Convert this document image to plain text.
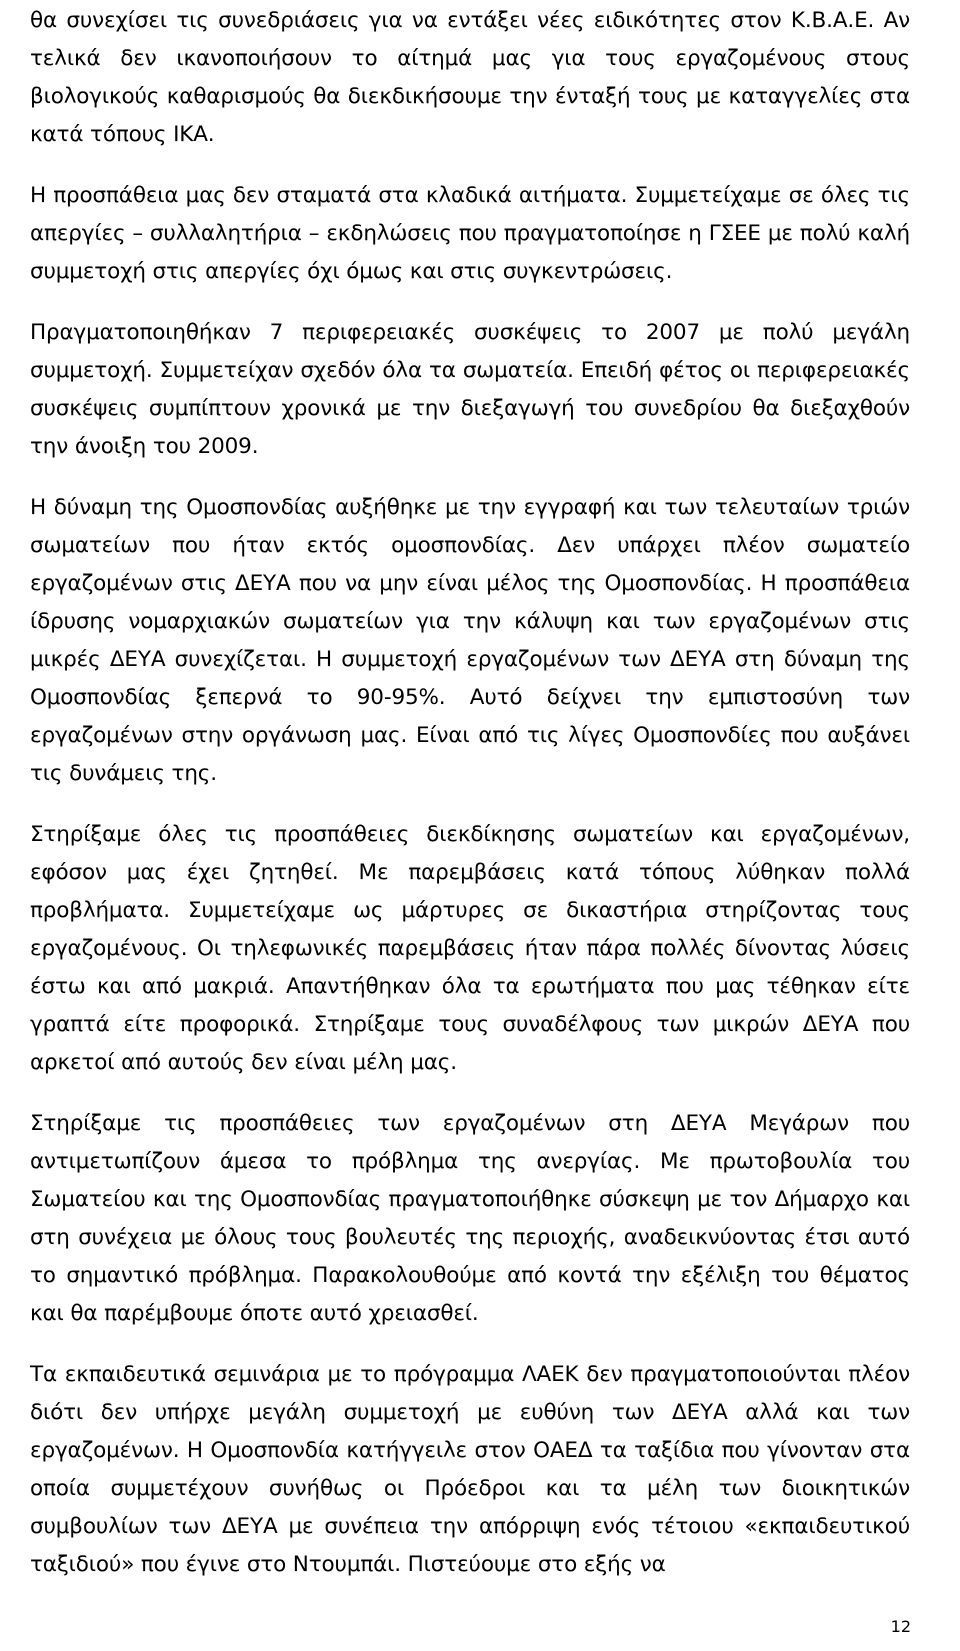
θα συνεχίσει τις συνεδριάσεις για να εντάξει νέες ειδικότητες στον Κ.Β.Α.Ε. Αν τελικά δεν ικανοποιήσουν το αίτημά μας για τους εργαζομένους στους βιολογικούς καθαρισμούς θα διεκδικήσουμε την ένταξή τους με καταγγελίες στα κατά τόπους ΙΚΑ.

Η προσπάθεια μας δεν σταματά στα κλαδικά αιτήματα. Συμμετείχαμε σε όλες τις απεργίες – συλλαλητήρια – εκδηλώσεις που πραγματοποίησε η ΓΣΕΕ με πολύ καλή συμμετοχή στις απεργίες όχι όμως και στις συγκεντρώσεις.

Πραγματοποιηθήκαν 7 περιφερειακές συσκέψεις το 2007 με πολύ μεγάλη συμμετοχή. Συμμετείχαν σχεδόν όλα τα σωματεία. Επειδή φέτος οι περιφερειακές συσκέψεις συμπίπτουν χρονικά με την διεξαγωγή του συνεδρίου θα διεξαχθούν την άνοιξη του 2009.

Η δύναμη της Ομοσπονδίας αυξήθηκε με την εγγραφή και των τελευταίων τριών σωματείων που ήταν εκτός ομοσπονδίας. Δεν υπάρχει πλέον σωματείο εργαζομένων στις ΔΕΥΑ που να μην είναι μέλος της Ομοσπονδίας. Η προσπάθεια ίδρυσης νομαρχιακών σωματείων για την κάλυψη και των εργαζομένων στις μικρές ΔΕΥΑ συνεχίζεται. Η συμμετοχή εργαζομένων των ΔΕΥΑ στη δύναμη της Ομοσπονδίας ξεπερνά το 90-95%. Αυτό δείχνει την εμπιστοσύνη των εργαζομένων στην οργάνωση μας. Είναι από τις λίγες Ομοσπονδίες που αυξάνει τις δυνάμεις της.

Στηρίξαμε όλες τις προσπάθειες διεκδίκησης σωματείων και εργαζομένων, εφόσον μας έχει ζητηθεί. Με παρεμβάσεις κατά τόπους λύθηκαν πολλά προβλήματα. Συμμετείχαμε ως μάρτυρες σε δικαστήρια στηρίζοντας τους εργαζομένους. Οι τηλεφωνικές παρεμβάσεις ήταν πάρα πολλές δίνοντας λύσεις έστω και από μακριά. Απαντήθηκαν όλα τα ερωτήματα που μας τέθηκαν είτε γραπτά είτε προφορικά. Στηρίξαμε τους συναδέλφους των μικρών ΔΕΥΑ που αρκετοί από αυτούς δεν είναι μέλη μας.

Στηρίξαμε τις προσπάθειες των εργαζομένων στη ΔΕΥΑ Μεγάρων που αντιμετωπίζουν άμεσα το πρόβλημα της ανεργίας. Με πρωτοβουλία του Σωματείου και της Ομοσπονδίας πραγματοποιήθηκε σύσκεψη με τον Δήμαρχο και στη συνέχεια με όλους τους βουλευτές της περιοχής, αναδεικνύοντας έτσι αυτό το σημαντικό πρόβλημα. Παρακολουθούμε από κοντά την εξέλιξη του θέματος και θα παρέμβουμε όποτε αυτό χρειασθεί.

Τα εκπαιδευτικά σεμινάρια με το πρόγραμμα ΛΑΕΚ δεν πραγματοποιούνται πλέον διότι δεν υπήρχε μεγάλη συμμετοχή με ευθύνη των ΔΕΥΑ αλλά και των εργαζομένων. Η Ομοσπονδία κατήγγειλε στον ΟΑΕΔ τα ταξίδια που γίνονταν στα οποία συμμετέχουν συνήθως οι Πρόεδροι και τα μέλη των διοικητικών συμβουλίων των ΔΕΥΑ με συνέπεια την απόρριψη ενός τέτοιου «εκπαιδευτικού ταξιδιού» που έγινε στο Ντουμπάι. Πιστεύουμε στο εξής να

12
